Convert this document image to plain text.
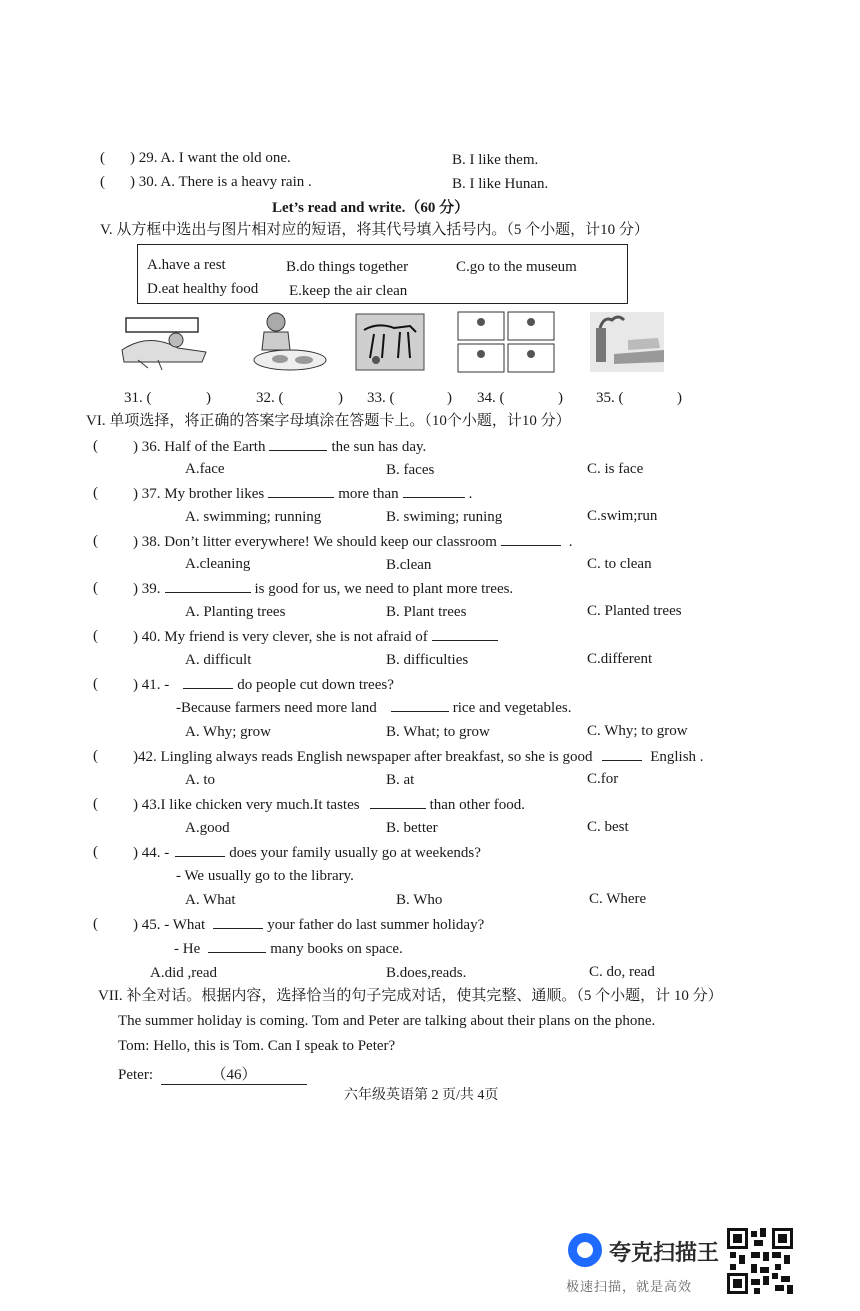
( ) 29. A. I want the old one.	B. I like them.
( ) 30. A. There is a heavy rain .	B. I like Hunan.
Let’s read and write.（60 分）
V. 从方框中选出与图片相对应的短语，将其代号填入括号内。（5 个小题，计10 分）
A.have a rest	B.do things together	C.go to the museum
D.eat healthy food E.keep the air clean
31. (	)	32. (	) 33. (	) 34. (	) 35. (	)
VI. 单项选择，将正确的答案字母填涂在答题卡上。（10个小题，计10 分）
( ) 36. Half of the Earth	the sun has day.
A.face	B. faces	C. is face
( ) 37. My brother likes	more than	.
A. swimming; running	B. swiming; runing	C.swim;run
( ) 38. Don’t litter everywhere! We should keep our classroom	.
A.cleaning	B.clean	C. to clean
( ) 39.	is good for us, we need to plant more trees.
A. Planting trees	B. Plant trees	C. Planted trees
( ) 40. My friend is very clever, she is not afraid of
A. difficult	B. difficulties	C.different
( ) 41. -	do people cut down trees?
-Because farmers need more land	rice and vegetables.
A. Why; grow	B. What; to grow	C. Why; to grow
( )42. Lingling always reads English newspaper after breakfast, so she is good	English .
A. to	B. at	C.for
( ) 43.I like chicken very much.It tastes	than other food.
A.good	B. better	C. best
( ) 44. -	does your family usually go at weekends?
- We usually go to the library.
A. What	B. Who	C. Where
( ) 45. - What	your father do last summer holiday?
- He	many books on space.
A.did ,read	B.does,reads.	C. do, read
VII. 补全对话。根据内容，选择恰当的句子完成对话，使其完整、通顺。（5 个小题，计 10 分）
The summer holiday is coming. Tom and Peter are talking about their plans on the phone.
Tom: Hello, this is Tom. Can I speak to Peter?
Peter:	（46）
六年级英语第 2 页/共 4页
夸克扫描王
极速扫描，就是高效
